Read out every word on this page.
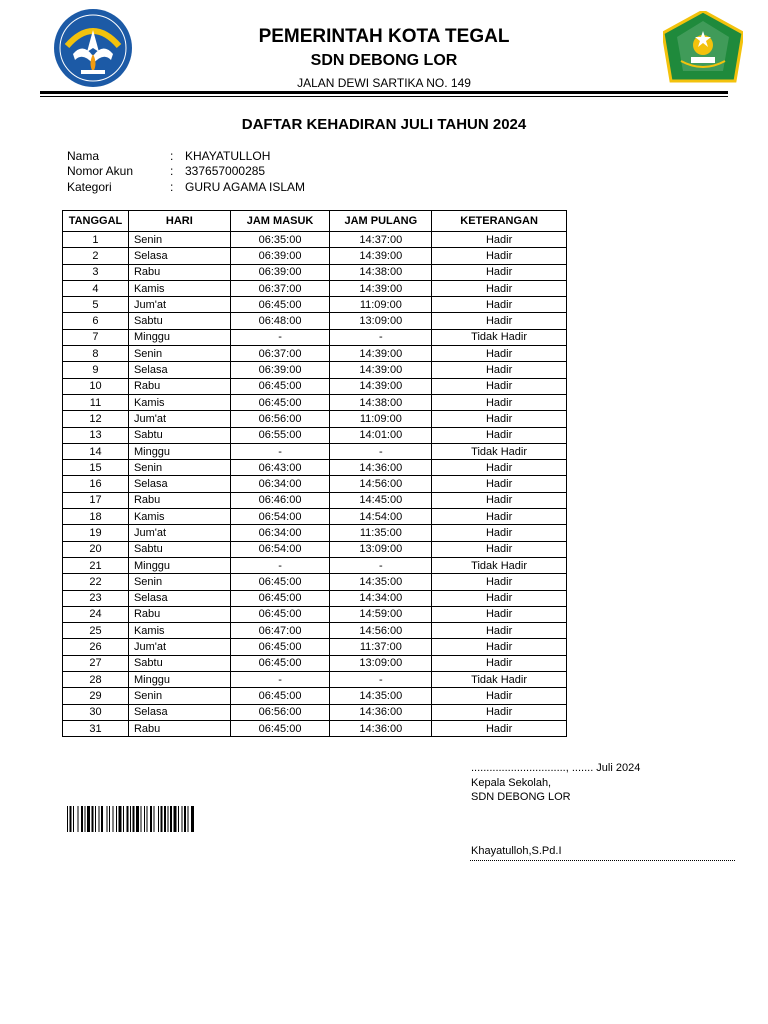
PEMERINTAH KOTA TEGAL
SDN DEBONG LOR
JALAN DEWI SARTIKA NO. 149
DAFTAR KEHADIRAN JULI TAHUN 2024
Nama	: KHAYATULLOH
Nomor Akun	: 337657000285
Kategori	: GURU AGAMA ISLAM
TANGGAL	HARI	JAM MASUK	JAM PULANG	KETERANGAN
1	Senin	06:35:00	14:37:00	Hadir
2	Selasa	06:39:00	14:39:00	Hadir
3	Rabu	06:39:00	14:38:00	Hadir
4	Kamis	06:37:00	14:39:00	Hadir
5	Jum'at	06:45:00	11:09:00	Hadir
6	Sabtu	06:48:00	13:09:00	Hadir
7	Minggu	-	-	Tidak Hadir
8	Senin	06:37:00	14:39:00	Hadir
9	Selasa	06:39:00	14:39:00	Hadir
10	Rabu	06:45:00	14:39:00	Hadir
11	Kamis	06:45:00	14:38:00	Hadir
12	Jum'at	06:56:00	11:09:00	Hadir
13	Sabtu	06:55:00	14:01:00	Hadir
14	Minggu	-	-	Tidak Hadir
15	Senin	06:43:00	14:36:00	Hadir
16	Selasa	06:34:00	14:56:00	Hadir
17	Rabu	06:46:00	14:45:00	Hadir
18	Kamis	06:54:00	14:54:00	Hadir
19	Jum'at	06:34:00	11:35:00	Hadir
20	Sabtu	06:54:00	13:09:00	Hadir
21	Minggu	-	-	Tidak Hadir
22	Senin	06:45:00	14:35:00	Hadir
23	Selasa	06:45:00	14:34:00	Hadir
24	Rabu	06:45:00	14:59:00	Hadir
25	Kamis	06:47:00	14:56:00	Hadir
26	Jum'at	06:45:00	11:37:00	Hadir
27	Sabtu	06:45:00	13:09:00	Hadir
28	Minggu	-	-	Tidak Hadir
29	Senin	06:45:00	14:35:00	Hadir
30	Selasa	06:56:00	14:36:00	Hadir
31	Rabu	06:45:00	14:36:00	Hadir
..............................., ....... Juli 2024
Kepala Sekolah,
SDN DEBONG LOR
Khayatulloh,S.Pd.I
